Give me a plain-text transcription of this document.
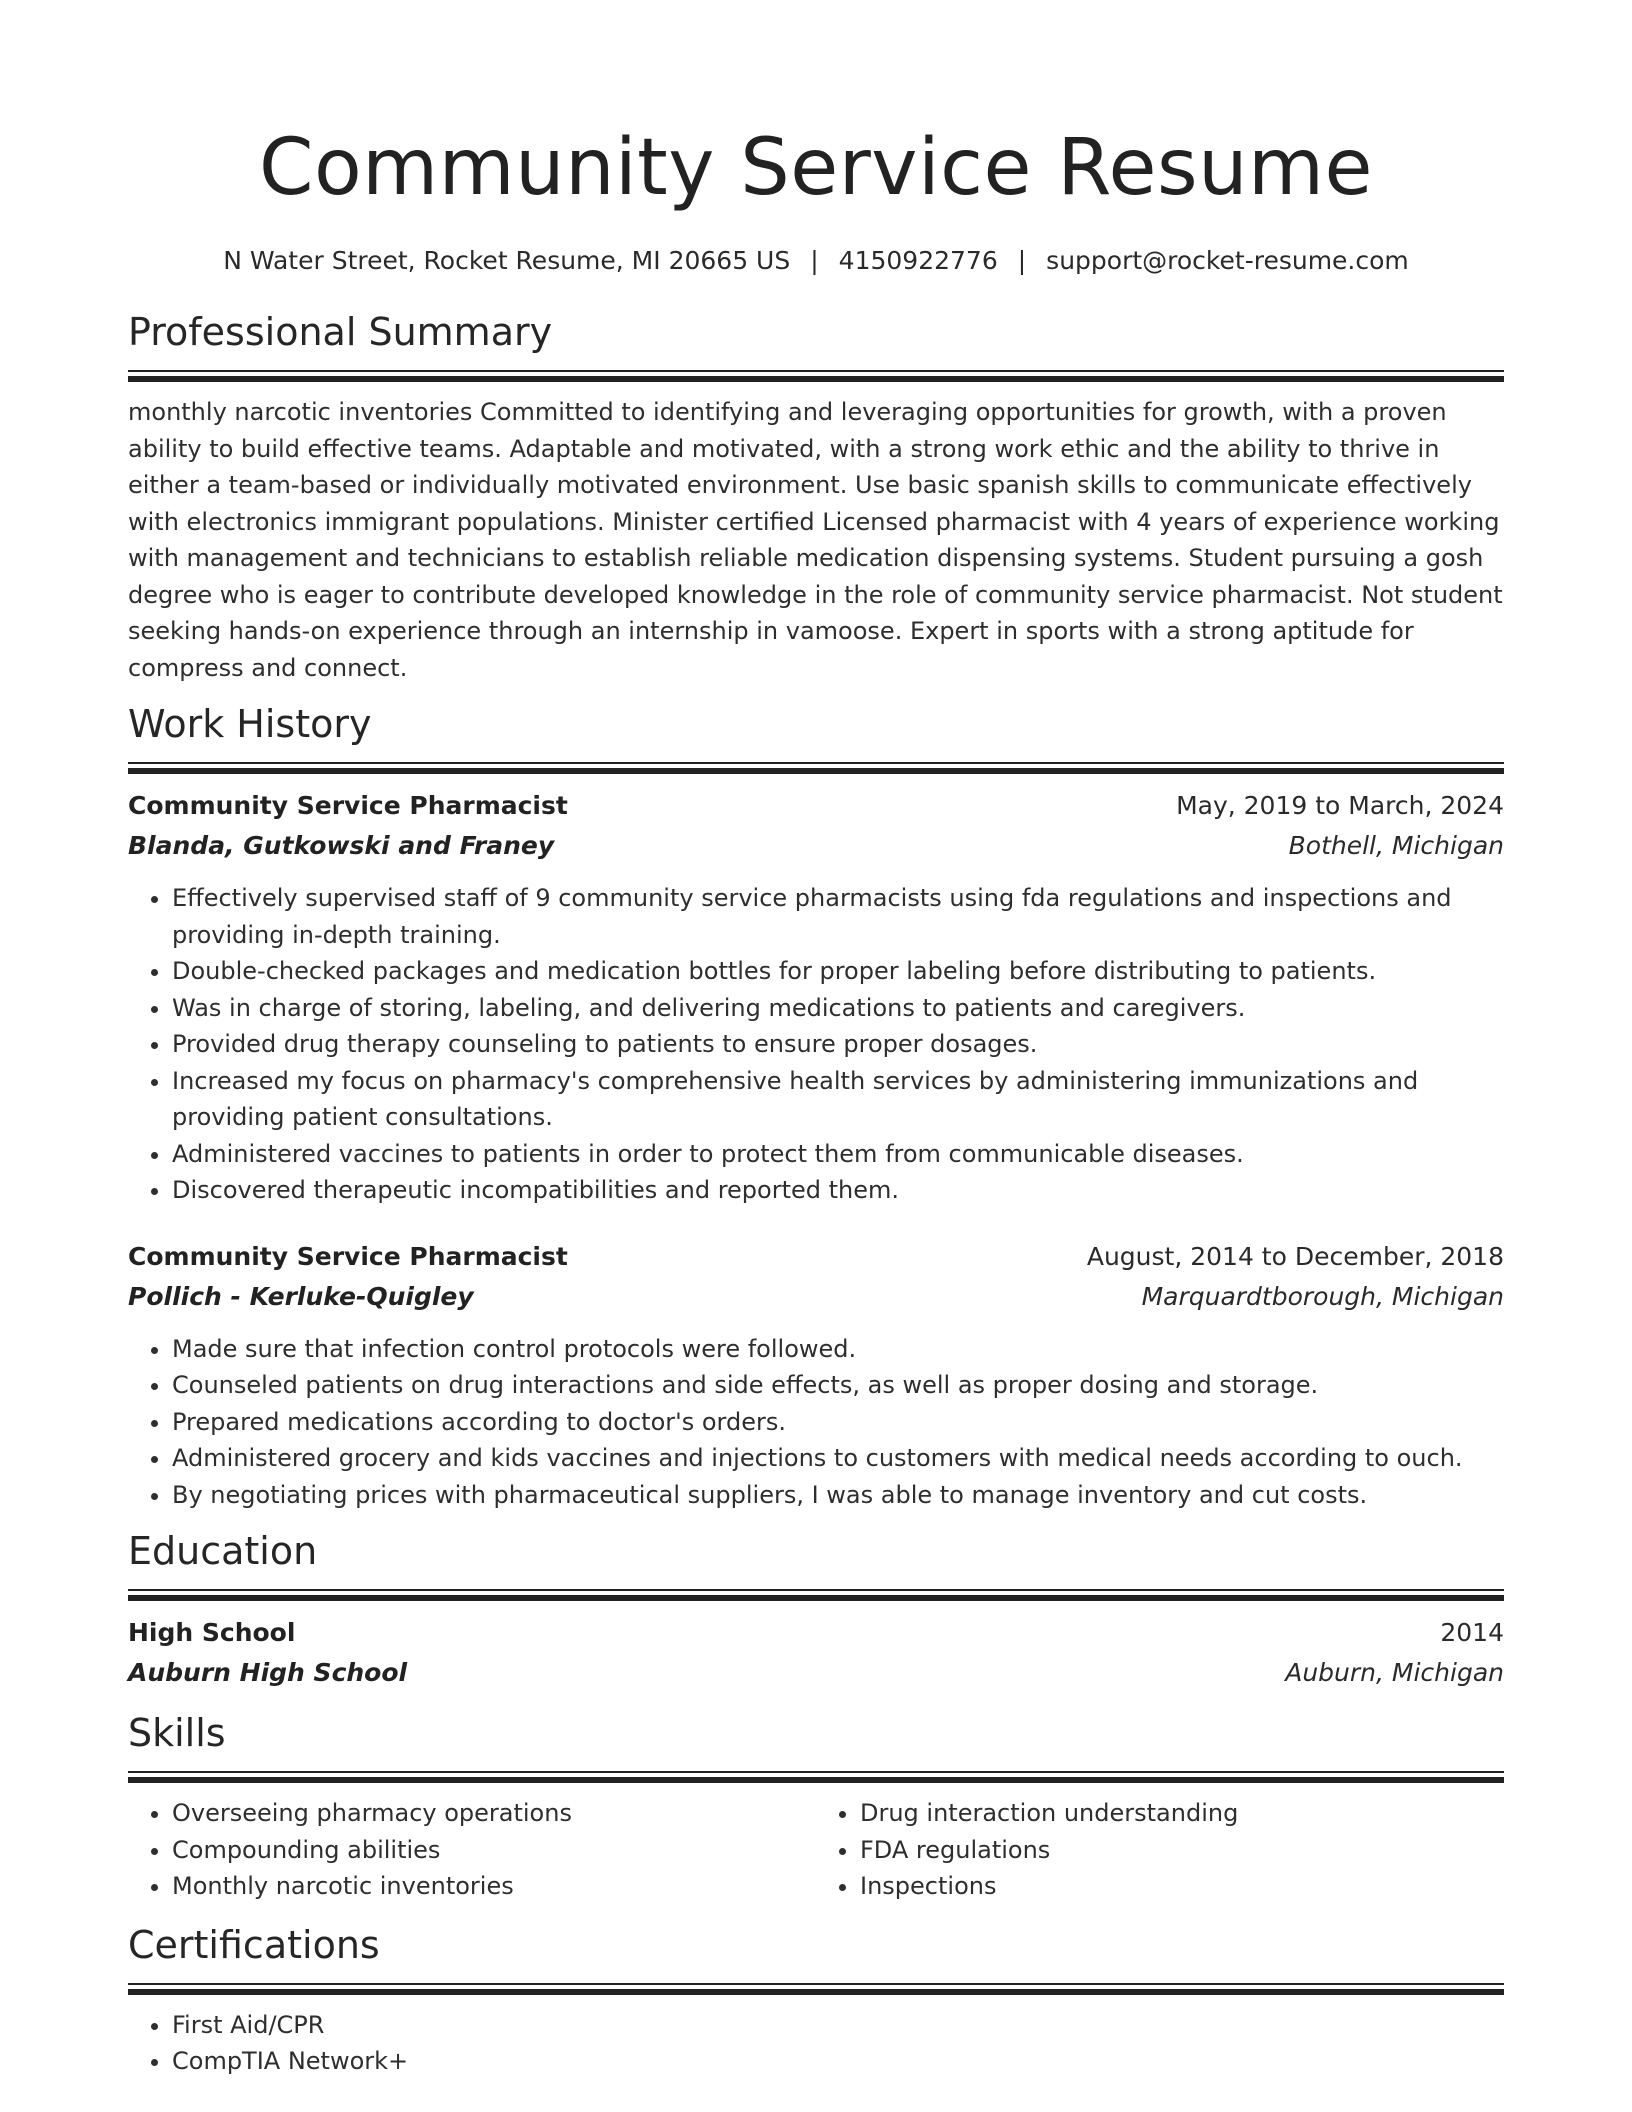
Community Service Resume
N Water Street, Rocket Resume, MI 20665 US | 4150922776 | support@rocket-resume.com
Professional Summary

monthly narcotic inventories Committed to identifying and leveraging opportunities for growth, with a proven ability to build effective teams. Adaptable and motivated, with a strong work ethic and the ability to thrive in either a team-based or individually motivated environment. Use basic spanish skills to communicate effectively with electronics immigrant populations. Minister certified Licensed pharmacist with 4 years of experience working with management and technicians to establish reliable medication dispensing systems. Student pursuing a gosh degree who is eager to contribute developed knowledge in the role of community service pharmacist. Not student seeking hands-on experience through an internship in vamoose. Expert in sports with a strong aptitude for compress and connect.

Work History
Community Service Pharmacist	May, 2019 to March, 2024
Blanda, Gutkowski and Franey	Bothell, Michigan
• Effectively supervised staff of 9 community service pharmacists using fda regulations and inspections and providing in-depth training.
• Double-checked packages and medication bottles for proper labeling before distributing to patients.
• Was in charge of storing, labeling, and delivering medications to patients and caregivers.
• Provided drug therapy counseling to patients to ensure proper dosages.
• Increased my focus on pharmacy's comprehensive health services by administering immunizations and providing patient consultations.
• Administered vaccines to patients in order to protect them from communicable diseases.
• Discovered therapeutic incompatibilities and reported them.
Community Service Pharmacist	August, 2014 to December, 2018
Pollich - Kerluke-Quigley	Marquardtborough, Michigan
• Made sure that infection control protocols were followed.
• Counseled patients on drug interactions and side effects, as well as proper dosing and storage.
• Prepared medications according to doctor's orders.
• Administered grocery and kids vaccines and injections to customers with medical needs according to ouch.
• By negotiating prices with pharmaceutical suppliers, I was able to manage inventory and cut costs.
Education
High School	2014
Auburn High School	Auburn, Michigan
Skills
• Overseeing pharmacy operations
• Compounding abilities
• Monthly narcotic inventories
• Drug interaction understanding
• FDA regulations
• Inspections
Certifications
• First Aid/CPR
• CompTIA Network+
